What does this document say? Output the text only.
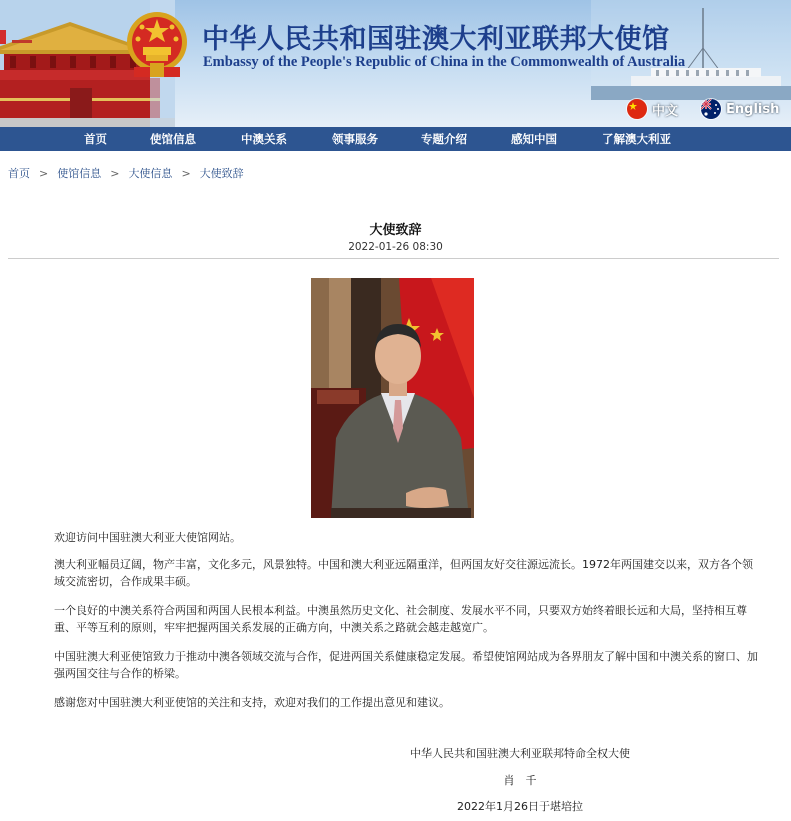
中华人民共和国驻澳大利亚联邦大使馆
Embassy of the People's Republic of China in the Commonwealth of Australia
中文	English
首页	使馆信息	中澳关系	领事服务	专题介绍	感知中国	了解澳大利亚
首页 > 使馆信息 > 大使信息 > 大使致辞
大使致辞
2022-01-26 08:30

欢迎访问中国驻澳大利亚大使馆网站。

澳大利亚幅员辽阔，物产丰富，文化多元，风景独特。中国和澳大利亚远隔重洋，但两国友好交往源远流长。1972年两国建交以来，双方各个领域交流密切，合作成果丰硕。

一个良好的中澳关系符合两国和两国人民根本利益。中澳虽然历史文化、社会制度、发展水平不同，只要双方始终着眼长远和大局，坚持相互尊重、平等互利的原则，牢牢把握两国关系发展的正确方向，中澳关系之路就会越走越宽广。

中国驻澳大利亚使馆致力于推动中澳各领域交流与合作，促进两国关系健康稳定发展。希望使馆网站成为各界朋友了解中国和中澳关系的窗口、加强两国交往与合作的桥梁。

感谢您对中国驻澳大利亚使馆的关注和支持，欢迎对我们的工作提出意见和建议。

中华人民共和国驻澳大利亚联邦特命全权大使
肖　千
2022年1月26日于堪培拉
